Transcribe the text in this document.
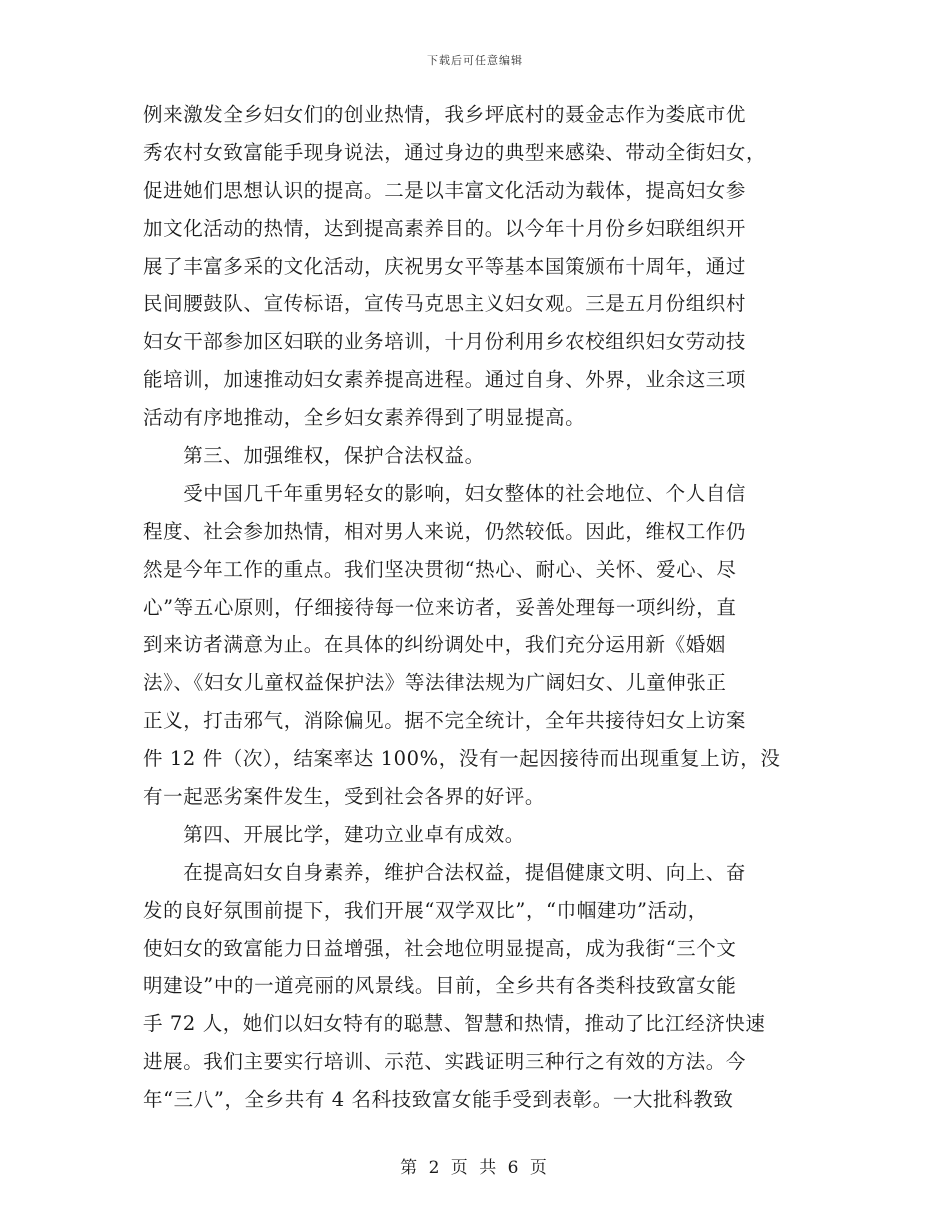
下载后可任意编辑
例来激发全乡妇女们的创业热情，我乡坪底村的聂金志作为娄底市优
秀农村女致富能手现身说法，通过身边的典型来感染、带动全街妇女，
促进她们思想认识的提高。二是以丰富文化活动为载体，提高妇女参
加文化活动的热情，达到提高素养目的。以今年十月份乡妇联组织开
展了丰富多采的文化活动，庆祝男女平等基本国策颁布十周年，通过
民间腰鼓队、宣传标语，宣传马克思主义妇女观。三是五月份组织村
妇女干部参加区妇联的业务培训，十月份利用乡农校组织妇女劳动技
能培训，加速推动妇女素养提高进程。通过自身、外界，业余这三项
活动有序地推动，全乡妇女素养得到了明显提高。
　　第三、加强维权，保护合法权益。
　　受中国几千年重男轻女的影响，妇女整体的社会地位、个人自信
程度、社会参加热情，相对男人来说，仍然较低。因此，维权工作仍
然是今年工作的重点。我们坚决贯彻“热心、耐心、关怀、爱心、尽
心”等五心原则，仔细接待每一位来访者，妥善处理每一项纠纷，直
到来访者满意为止。在具体的纠纷调处中，我们充分运用新《婚姻
法》、《妇女儿童权益保护法》等法律法规为广阔妇女、儿童伸张正
正义，打击邪气，消除偏见。据不完全统计，全年共接待妇女上访案
件 12 件（次），结案率达 100%，没有一起因接待而出现重复上访，没
有一起恶劣案件发生，受到社会各界的好评。
　　第四、开展比学，建功立业卓有成效。
　　在提高妇女自身素养，维护合法权益，提倡健康文明、向上、奋
发的良好氛围前提下，我们开展“双学双比”，“巾帼建功”活动，
使妇女的致富能力日益增强，社会地位明显提高，成为我街“三个文
明建设”中的一道亮丽的风景线。目前，全乡共有各类科技致富女能
手 72 人，她们以妇女特有的聪慧、智慧和热情，推动了比江经济快速
进展。我们主要实行培训、示范、实践证明三种行之有效的方法。今
年“三八”，全乡共有 4 名科技致富女能手受到表彰。一大批科教致
第 2 页 共 6 页
